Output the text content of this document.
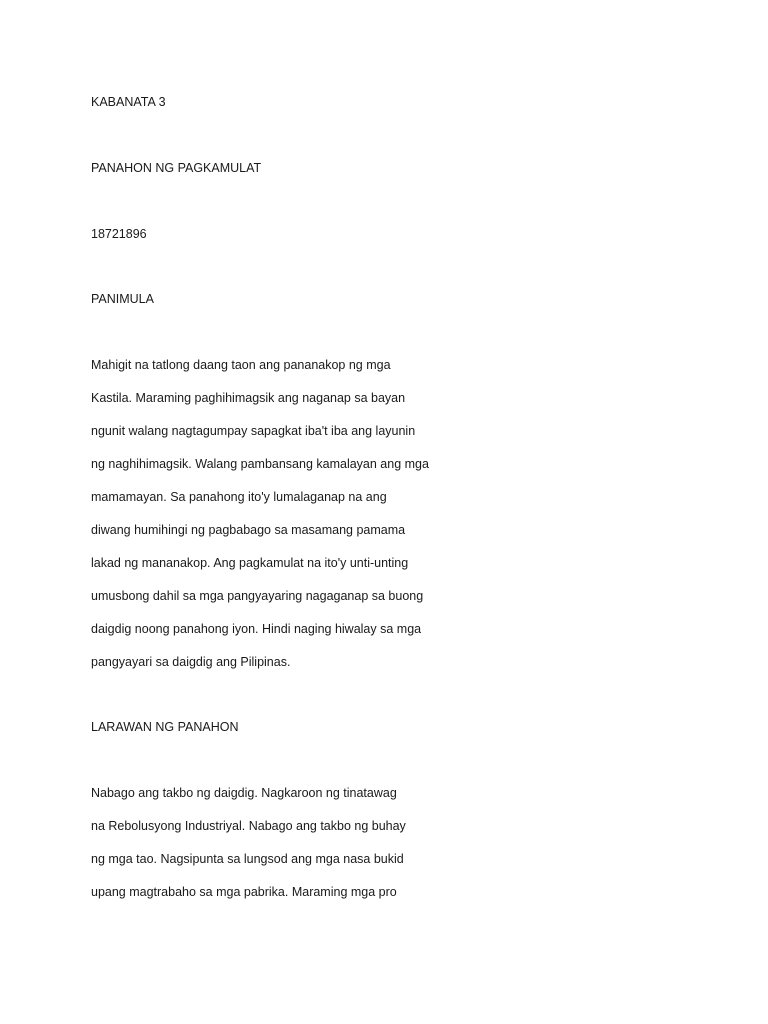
KABANATA 3

PANAHON NG PAGKAMULAT

18721896

PANIMULA

Mahigit na tatlong daang taon ang pananakop ng mga

Kastila. Maraming paghihimagsik ang naganap sa bayan

ngunit walang nagtagumpay sapagkat iba't iba ang layunin

ng naghihimagsik. Walang pambansang kamalayan ang mga

mamamayan. Sa panahong ito'y lumalaganap na ang

diwang humihingi ng pagbabago sa masamang pamama

lakad ng mananakop. Ang pagkamulat na ito'y unti-unting

umusbong dahil sa mga pangyayaring nagaganap sa buong

daigdig noong panahong iyon. Hindi naging hiwalay sa mga

pangyayari sa daigdig ang Pilipinas.

LARAWAN NG PANAHON

Nabago ang takbo ng daigdig. Nagkaroon ng tinatawag

na Rebolusyong Industriyal. Nabago ang takbo ng buhay

ng mga tao. Nagsipunta sa lungsod ang mga nasa bukid

upang magtrabaho sa mga pabrika. Maraming mga pro
